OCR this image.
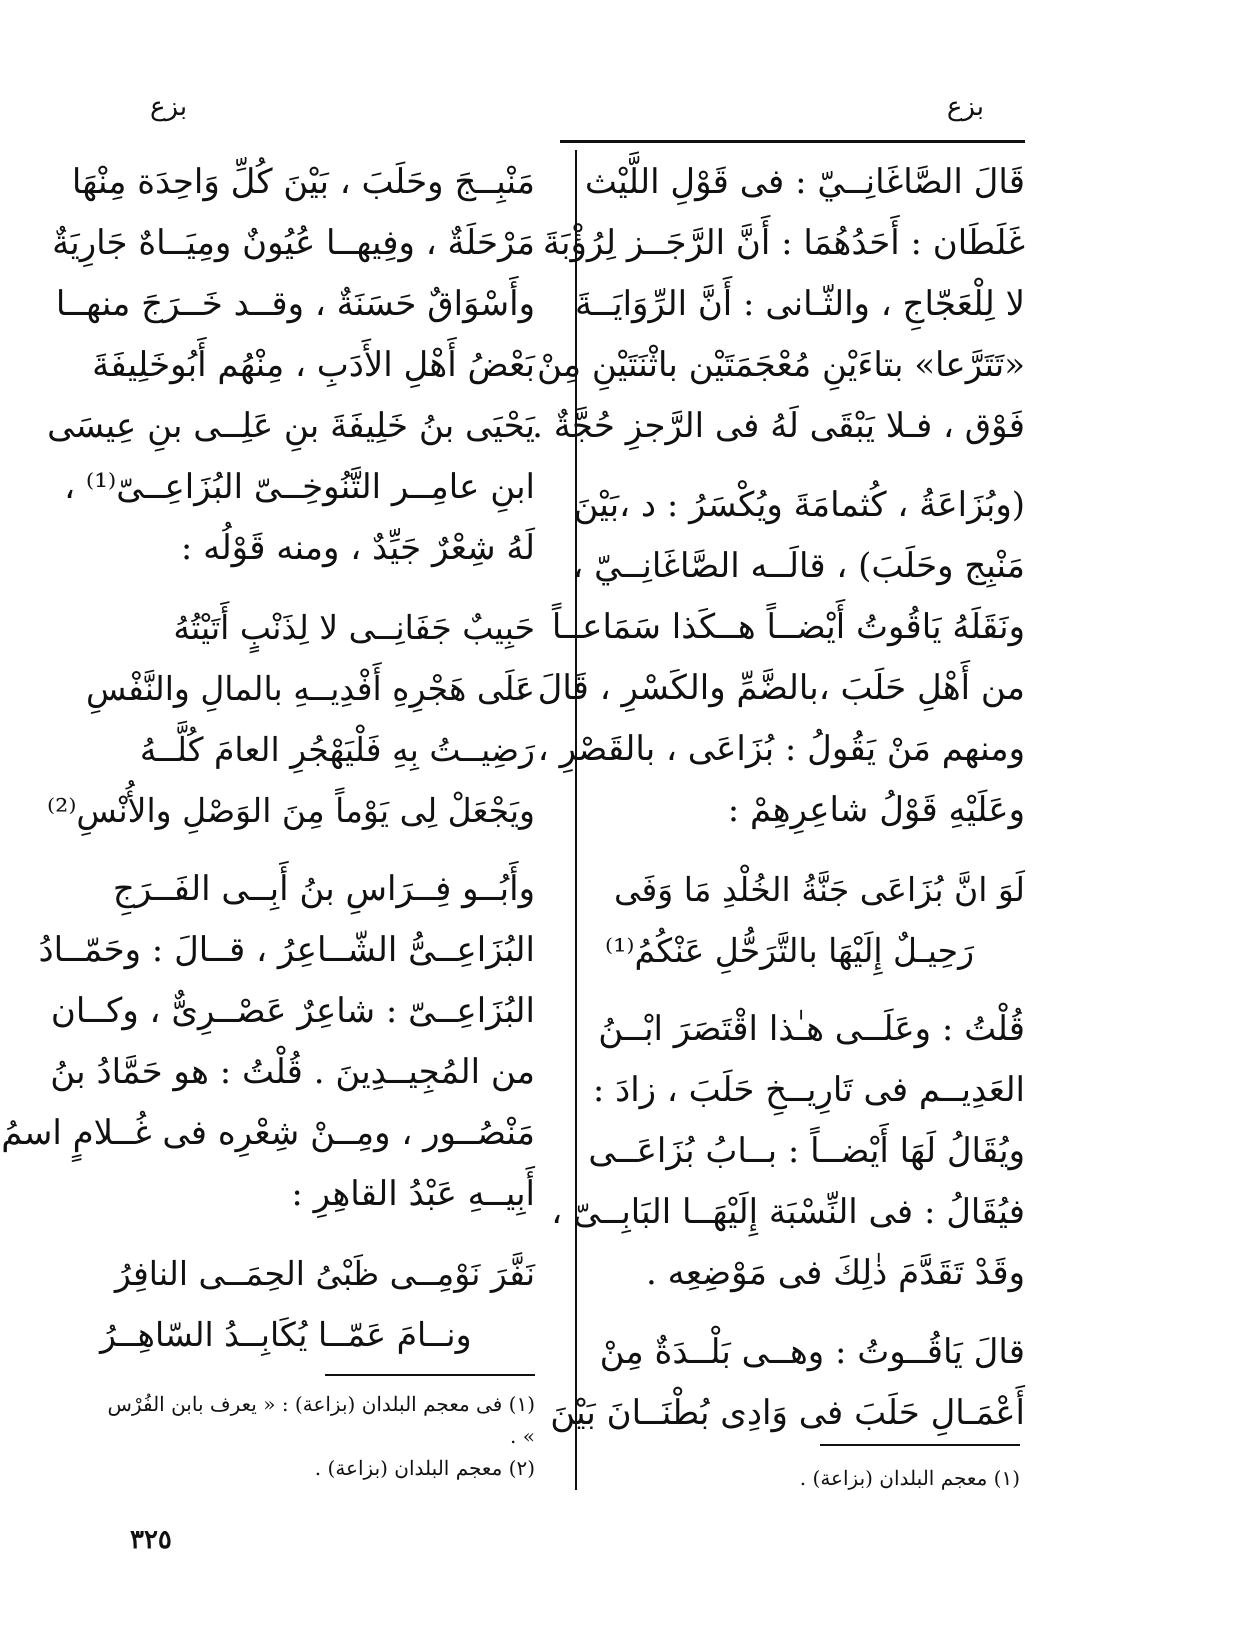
بزع
بزع
قَالَ الصَّاغَانِــيّ : فى قَوْلِ اللَّيْث
غَلَطَان : أَحَدُهُمَا : أَنَّ الرَّجَــز لِرُؤْبَةَ
لا لِلْعَجّاجِ ، والثّـانى : أَنَّ الرِّوَايَــةَ
«تَتَرَّعا» بتاءَيْنِ مُعْجَمَتَيْن باثْنَتَيْنِ مِنْ
فَوْق ، فـلا يَبْقَى لَهُ فى الرَّجزِ حُجَّةٌ .
(وبُزَاعَةُ ، كُثمامَةَ ويُكْسَرُ : د ،بَيْنَ
مَنْبِج وحَلَبَ) ، قالَــه الصَّاغَانِــيّ ،
ونَقَلَهُ يَاقُوتُ أَيْضــاً هــكَذا سَمَاعــاً
من أَهْلِ حَلَبَ ،بالضَّمِّ والكَسْرِ ، قَالَ :
ومنهم مَنْ يَقُولُ : بُزَاعَى ، بالقَصْرِ ،
وعَلَيْهِ قَوْلُ شاعِرِهِمْ :
لَوَ انَّ بُزَاعَى جَنَّةُ الخُلْدِ مَا وَفَى
رَحِيـلٌ إِلَيْهَا بالتَّرَحُّلِ عَنْكُمُ⁽¹⁾
قُلْتُ : وعَلَــى هـٰذا اقْتَصَرَ ابْــنُ
العَدِيــم فى تَارِيــخِ حَلَبَ ، زادَ :
ويُقَالُ لَهَا أَيْضــاً : بــابُ بُزَاعَــى
فيُقَالُ : فى النِّسْبَة إِلَيْهَــا البَابِــىّ ،
وقَدْ تَقَدَّمَ ذٰلِكَ فى مَوْضِعِه .
قالَ يَاقُــوتُ : وهــى بَلْــدَةٌ مِنْ
أَعْمَـالِ حَلَبَ فى وَادِى بُطْنَــانَ بَيْنَ
(١) معجم البلدان (بزاعة) .
مَنْبِــجَ وحَلَبَ ، بَيْنَ كُلِّ وَاحِدَة مِنْهَا
مَرْحَلَةٌ ، وفِيهــا عُيُونٌ ومِيَــاهٌ جَارِيَةٌ
وأَسْوَاقٌ حَسَنَةٌ ، وقــد خَــرَجَ منهــا
بَعْضُ أَهْلِ الأَدَبِ ، مِنْهُم أَبُوخَلِيفَةَ
يَحْيَى بنُ خَلِيفَةَ بنِ عَلِــى بنِ عِيسَى
ابنِ عامِــر التَّنُوخِــىّ البُزَاعِــىّ⁽¹⁾ ،
لَهُ شِعْرٌ جَيِّدٌ ، ومنه قَوْلُه :
حَبِيبٌ جَفَانِــى لا لِذَنْبٍ أَتَيْتُهُ
عَلَى هَجْرِهِ أَفْدِيــهِ بالمالِ والنَّفْسِ
رَضِيــتُ بِهِ فَلْيَهْجُرِ العامَ كُلَّــهُ
ويَجْعَلْ لِى يَوْماً مِنَ الوَصْلِ والأُنْسِ⁽²⁾
وأَبُــو فِــرَاسِ بنُ أَبِــى الفَــرَجِ
البُزَاعِــىُّ الشّــاعِرُ ، قــالَ : وحَمّــادُ
البُزَاعِــىّ : شاعِرٌ عَصْــرِىٌّ ، وكــان
من المُجِيــدِينَ . قُلْتُ : هو حَمَّادُ بنُ
مَنْصُــور ، ومِــنْ شِعْرِه فى غُــلامٍ اسمُ
أَبِيــهِ عَبْدُ القاهِرِ :
نَفَّرَ نَوْمِــى ظَبْىُ الحِمَــى النافِرُ
ونــامَ عَمّــا يُكَابِــدُ السّاهِــرُ
(١) فى معجم البلدان (بزاعة) : « يعرف بابن الفُرْس » .
(٢) معجم البلدان (بزاعة) .
٣٢٥
